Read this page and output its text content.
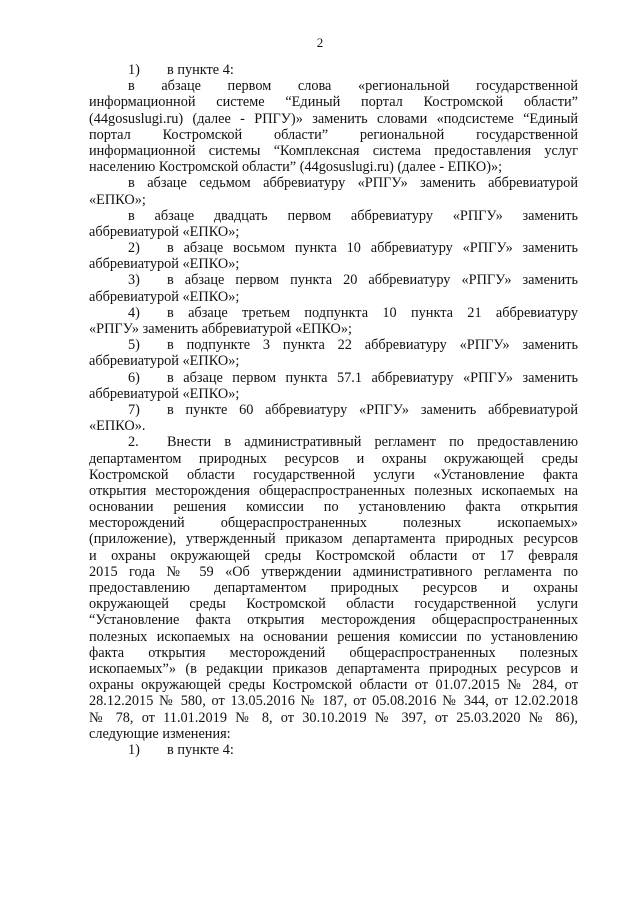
2
1) в пункте 4:
в абзаце первом слова «региональной государственной
информационной системе “Единый портал Костромской области”
(44gosuslugi.ru) (далее - РПГУ)» заменить словами «подсистеме “Единый
портал Костромской области” региональной государственной
информационной системы “Комплексная система предоставления услуг
населению Костромской области” (44gosuslugi.ru) (далее - ЕПКО)»;
в абзаце седьмом аббревиатуру «РПГУ» заменить аббревиатурой
«ЕПКО»;
в абзаце двадцать первом аббревиатуру «РПГУ» заменить
аббревиатурой «ЕПКО»;
2) в абзаце восьмом пункта 10 аббревиатуру «РПГУ» заменить
аббревиатурой «ЕПКО»;
3) в абзаце первом пункта 20 аббревиатуру «РПГУ» заменить
аббревиатурой «ЕПКО»;
4) в абзаце третьем подпункта 10 пункта 21 аббревиатуру
«РПГУ» заменить аббревиатурой «ЕПКО»;
5) в подпункте 3 пункта 22 аббревиатуру «РПГУ» заменить
аббревиатурой «ЕПКО»;
6) в абзаце первом пункта 57.1 аббревиатуру «РПГУ» заменить
аббревиатурой «ЕПКО»;
7) в пункте 60 аббревиатуру «РПГУ» заменить аббревиатурой
«ЕПКО».
2. Внести в административный регламент по предоставлению
департаментом природных ресурсов и охраны окружающей среды
Костромской области государственной услуги «Установление факта
открытия месторождения общераспространенных полезных ископаемых на
основании решения комиссии по установлению факта открытия
месторождений общераспространенных полезных ископаемых»
(приложение), утвержденный приказом департамента природных ресурсов
и охраны окружающей среды Костромской области от 17 февраля
2015 года № 59 «Об утверждении административного регламента по
предоставлению департаментом природных ресурсов и охраны
окружающей среды Костромской области государственной услуги
“Установление факта открытия месторождения общераспространенных
полезных ископаемых на основании решения комиссии по установлению
факта открытия месторождений общераспространенных полезных
ископаемых”» (в редакции приказов департамента природных ресурсов и
охраны окружающей среды Костромской области от 01.07.2015 № 284, от
28.12.2015 № 580, от 13.05.2016 № 187, от 05.08.2016 № 344, от 12.02.2018
№ 78, от 11.01.2019 № 8, от 30.10.2019 № 397, от 25.03.2020 № 86),
следующие изменения:
1) в пункте 4:
